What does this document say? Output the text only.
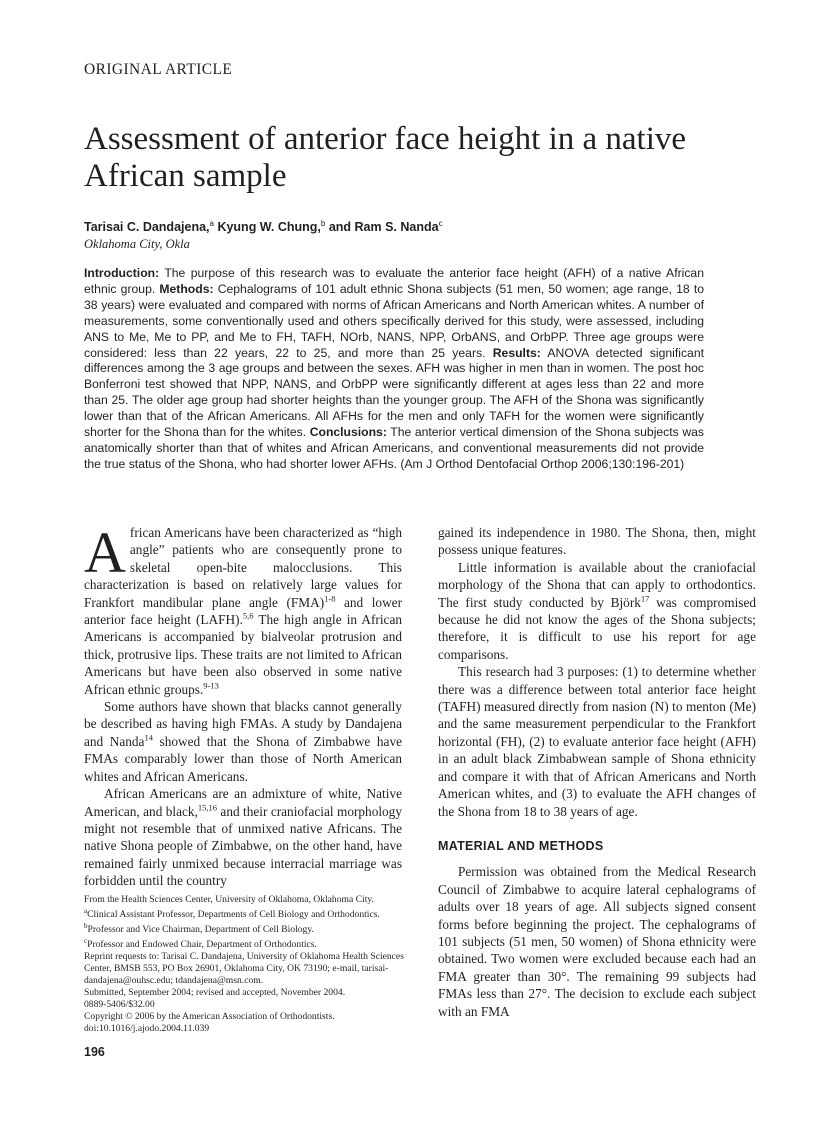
ORIGINAL ARTICLE
Assessment of anterior face height in a native African sample
Tarisai C. Dandajena,$^a$ Kyung W. Chung,$^b$ and Ram S. Nanda$^c$
Oklahoma City, Okla
Introduction: The purpose of this research was to evaluate the anterior face height (AFH) of a native African ethnic group. Methods: Cephalograms of 101 adult ethnic Shona subjects (51 men, 50 women; age range, 18 to 38 years) were evaluated and compared with norms of African Americans and North American whites. A number of measurements, some conventionally used and others specifically derived for this study, were assessed, including ANS to Me, Me to PP, and Me to FH, TAFH, NOrb, NANS, NPP, OrbANS, and OrbPP. Three age groups were considered: less than 22 years, 22 to 25, and more than 25 years. Results: ANOVA detected significant differences among the 3 age groups and between the sexes. AFH was higher in men than in women. The post hoc Bonferroni test showed that NPP, NANS, and OrbPP were significantly different at ages less than 22 and more than 25. The older age group had shorter heights than the younger group. The AFH of the Shona was significantly lower than that of the African Americans. All AFHs for the men and only TAFH for the women were significantly shorter for the Shona than for the whites. Conclusions: The anterior vertical dimension of the Shona subjects was anatomically shorter than that of whites and African Americans, and conventional measurements did not provide the true status of the Shona, who had shorter lower AFHs. (Am J Orthod Dentofacial Orthop 2006;130:196-201)

African Americans have been characterized as “high angle” patients who are consequently prone to skeletal open-bite malocclusions. This characterization is based on relatively large values for Frankfort mandibular plane angle (FMA)$^{1-8}$ and lower anterior face height (LAFH).$^{5,6}$ The high angle in African Americans is accompanied by bialveolar protrusion and thick, protrusive lips. These traits are not limited to African Americans but have been also observed in some native African ethnic groups.$^{9-13}$

Some authors have shown that blacks cannot generally be described as having high FMAs. A study by Dandajena and Nanda$^{14}$ showed that the Shona of Zimbabwe have FMAs comparably lower than those of North American whites and African Americans.

African Americans are an admixture of white, Native American, and black,$^{15,16}$ and their craniofacial morphology might not resemble that of unmixed native Africans. The native Shona people of Zimbabwe, on the other hand, have remained fairly unmixed because interracial marriage was forbidden until the country

gained its independence in 1980. The Shona, then, might possess unique features.

Little information is available about the craniofacial morphology of the Shona that can apply to orthodontics. The first study conducted by Björk$^{17}$ was compromised because he did not know the ages of the Shona subjects; therefore, it is difficult to use his report for age comparisons.

This research had 3 purposes: (1) to determine whether there was a difference between total anterior face height (TAFH) measured directly from nasion (N) to menton (Me) and the same measurement perpendicular to the Frankfort horizontal (FH), (2) to evaluate anterior face height (AFH) in an adult black Zimbabwean sample of Shona ethnicity and compare it with that of African Americans and North American whites, and (3) to evaluate the AFH changes of the Shona from 18 to 38 years of age.

MATERIAL AND METHODS

Permission was obtained from the Medical Research Council of Zimbabwe to acquire lateral cephalograms of adults over 18 years of age. All subjects signed consent forms before beginning the project. The cephalograms of 101 subjects (51 men, 50 women) of Shona ethnicity were obtained. Two women were excluded because each had an FMA greater than 30°. The remaining 99 subjects had FMAs less than 27°. The decision to exclude each subject with an FMA

From the Health Sciences Center, University of Oklahoma, Oklahoma City.
$^a$Clinical Assistant Professor, Departments of Cell Biology and Orthodontics.
$^b$Professor and Vice Chairman, Department of Cell Biology.
$^c$Professor and Endowed Chair, Department of Orthodontics.
Reprint requests to: Tarisai C. Dandajena, University of Oklahoma Health Sciences Center, BMSB 553, PO Box 26901, Oklahoma City, OK 73190; e-mail, tarisai-dandajena@ouhsc.edu; tdandajena@msn.com.
Submitted, September 2004; revised and accepted, November 2004.
0889-5406/$32.00
Copyright © 2006 by the American Association of Orthodontists.
doi:10.1016/j.ajodo.2004.11.039
196
